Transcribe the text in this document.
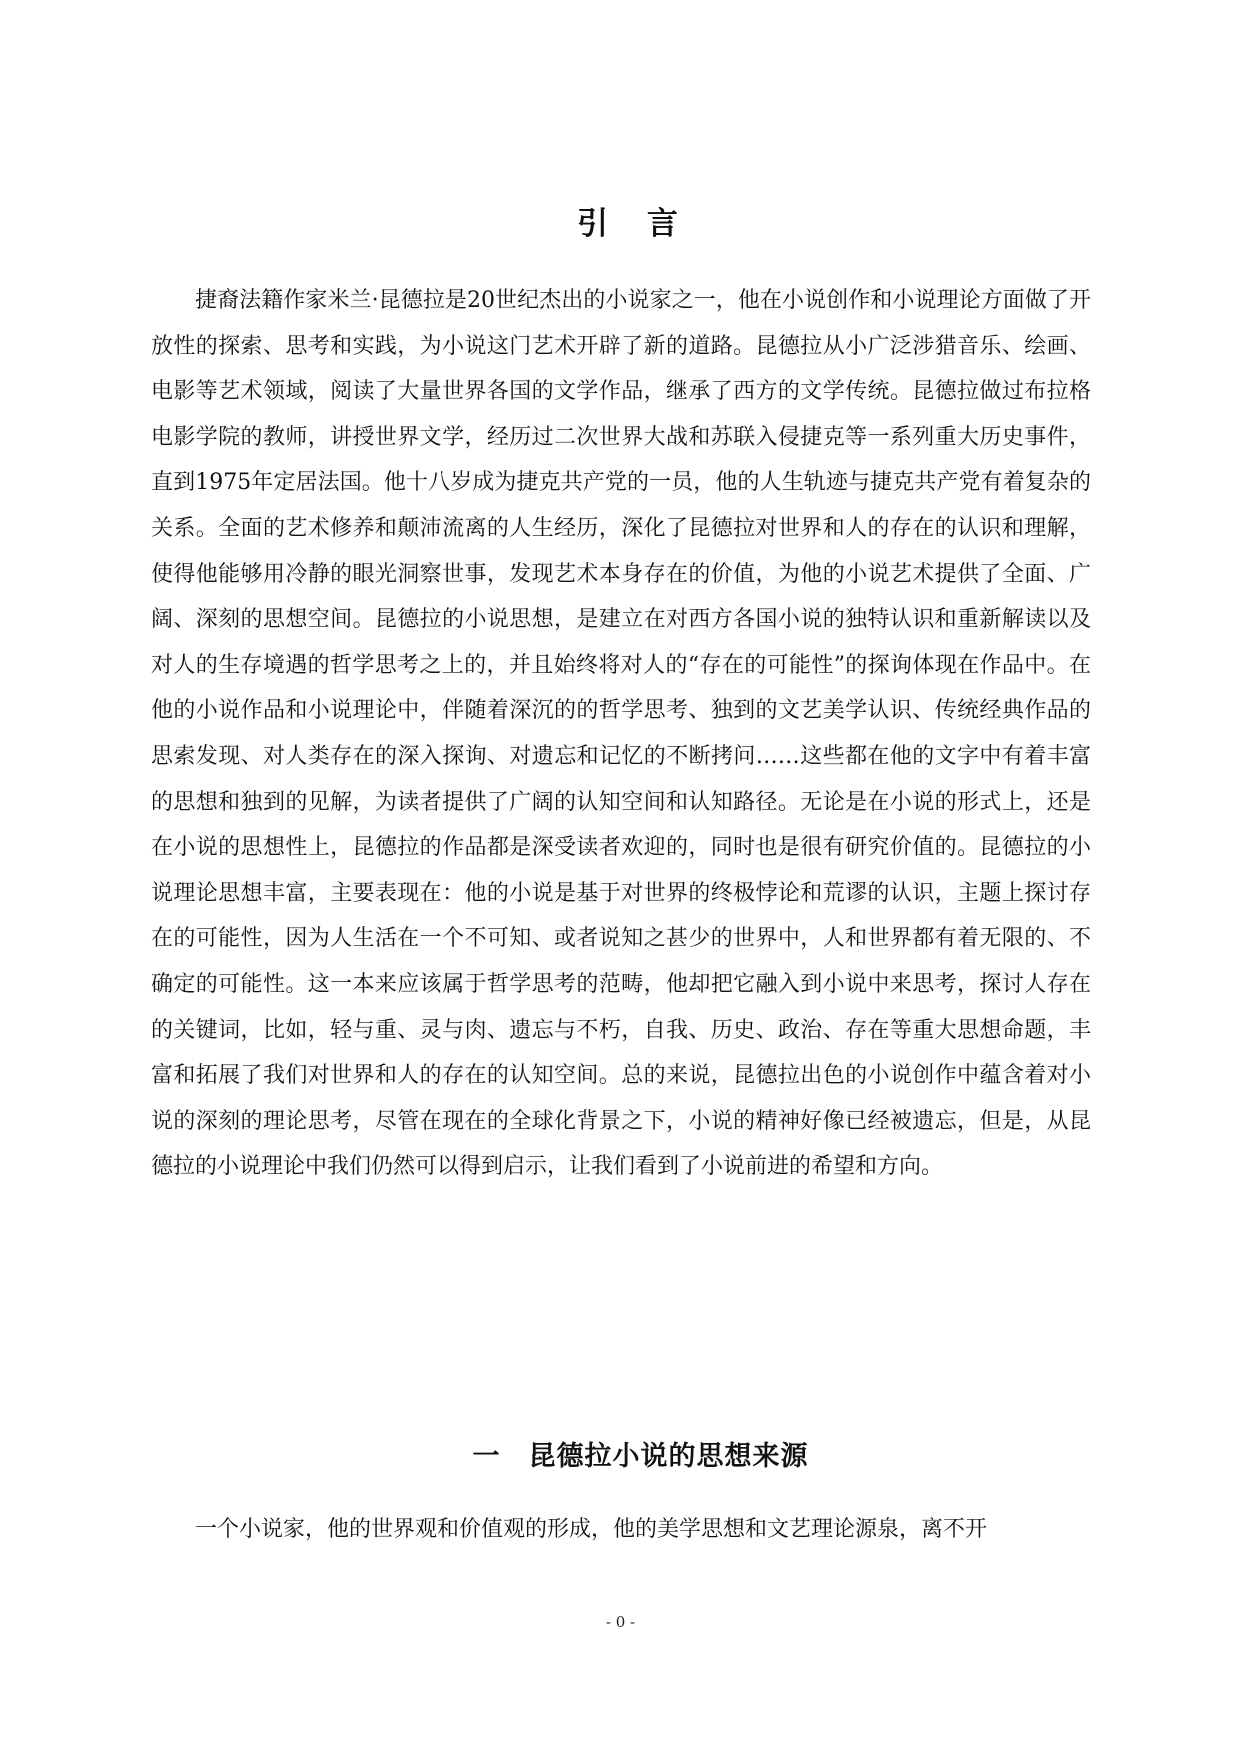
引 言

捷裔法籍作家米兰·昆德拉是20世纪杰出的小说家之一，他在小说创作和小说理论方面做了开放性的探索、思考和实践，为小说这门艺术开辟了新的道路。昆德拉从小广泛涉猎音乐、绘画、电影等艺术领域，阅读了大量世界各国的文学作品，继承了西方的文学传统。昆德拉做过布拉格电影学院的教师，讲授世界文学，经历过二次世界大战和苏联入侵捷克等一系列重大历史事件，直到1975年定居法国。他十八岁成为捷克共产党的一员，他的人生轨迹与捷克共产党有着复杂的关系。全面的艺术修养和颠沛流离的人生经历，深化了昆德拉对世界和人的存在的认识和理解，使得他能够用冷静的眼光洞察世事，发现艺术本身存在的价值，为他的小说艺术提供了全面、广阔、深刻的思想空间。昆德拉的小说思想，是建立在对西方各国小说的独特认识和重新解读以及对人的生存境遇的哲学思考之上的，并且始终将对人的“存在的可能性”的探询体现在作品中。在他的小说作品和小说理论中，伴随着深沉的的哲学思考、独到的文艺美学认识、传统经典作品的思索发现、对人类存在的深入探询、对遗忘和记忆的不断拷问……这些都在他的文字中有着丰富的思想和独到的见解，为读者提供了广阔的认知空间和认知路径。无论是在小说的形式上，还是在小说的思想性上，昆德拉的作品都是深受读者欢迎的，同时也是很有研究价值的。昆德拉的小说理论思想丰富，主要表现在：他的小说是基于对世界的终极悖论和荒谬的认识，主题上探讨存在的可能性，因为人生活在一个不可知、或者说知之甚少的世界中，人和世界都有着无限的、不确定的可能性。这一本来应该属于哲学思考的范畴，他却把它融入到小说中来思考，探讨人存在的关键词，比如，轻与重、灵与肉、遗忘与不朽，自我、历史、政治、存在等重大思想命题，丰富和拓展了我们对世界和人的存在的认知空间。总的来说，昆德拉出色的小说创作中蕴含着对小说的深刻的理论思考，尽管在现在的全球化背景之下，小说的精神好像已经被遗忘，但是，从昆德拉的小说理论中我们仍然可以得到启示，让我们看到了小说前进的希望和方向。

一　昆德拉小说的思想来源

一个小说家，他的世界观和价值观的形成，他的美学思想和文艺理论源泉，离不开

- 0 -
